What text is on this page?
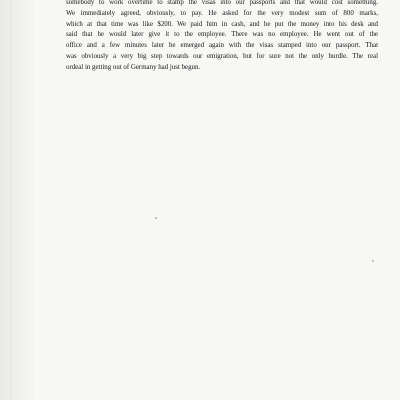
somebody to work overtime to stamp the visas into our passports and that would cost something.
We immediately agreed, obviously, to pay. He asked for the very modest sum of 800 marks,
which at that time was like $200. We paid him in cash, and he put the money into his desk and
said that he would later give it to the employee. There was no employee. He went out of the
office and a few minutes later he emerged again with the visas stamped into our passport. That
was obviously a very big step towards our emigration, but for sure not the only hurdle. The real
ordeal in getting out of Germany had just begun.
